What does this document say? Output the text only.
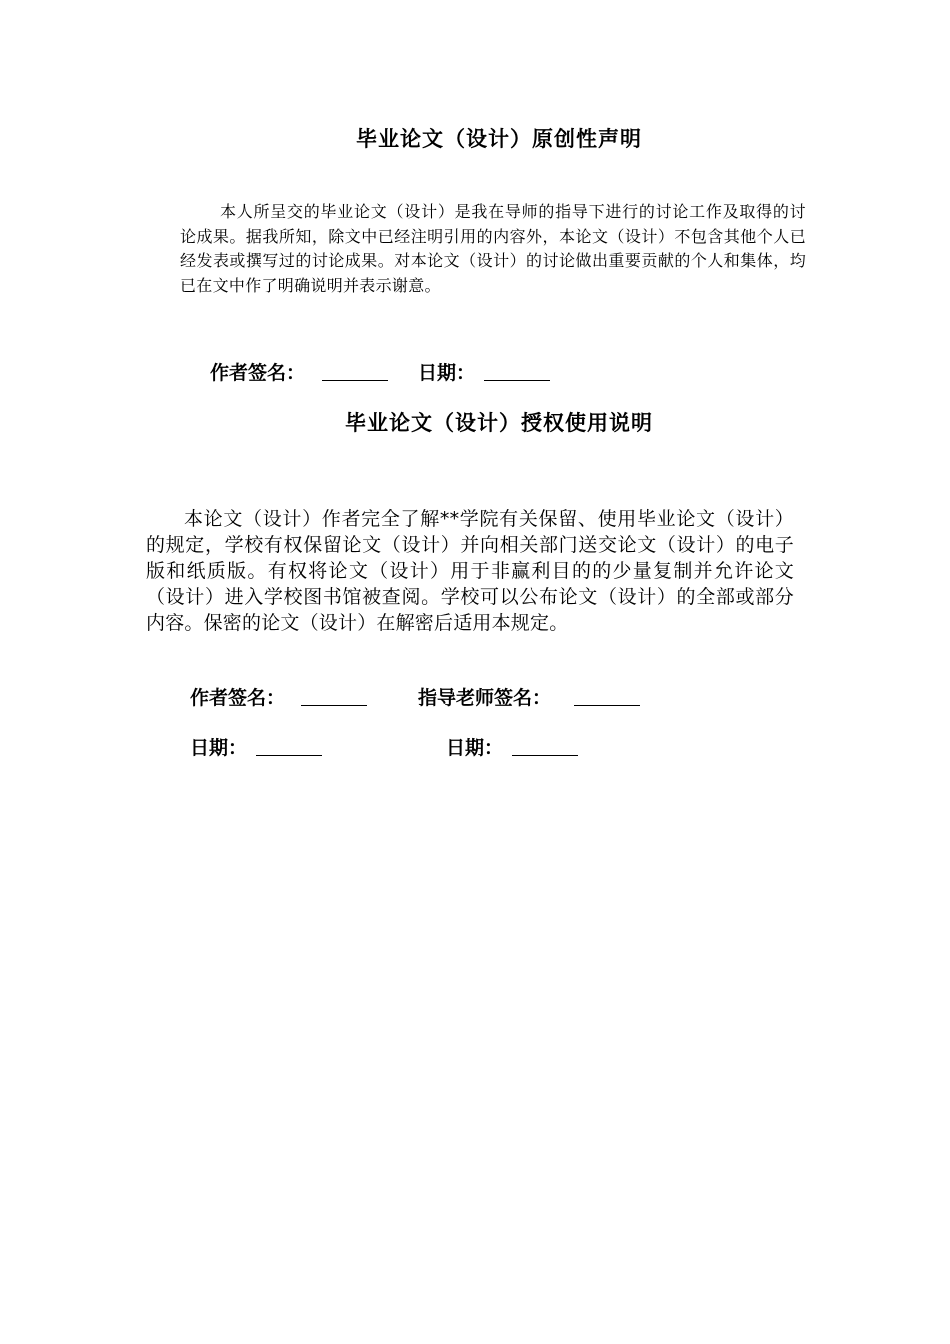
毕业论文（设计）原创性声明

本人所呈交的毕业论文（设计）是我在导师的指导下进行的讨论工作及取得的讨论成果。据我所知，除文中已经注明引用的内容外，本论文（设计）不包含其他个人已经发表或撰写过的讨论成果。对本论文（设计）的讨论做出重要贡献的个人和集体，均已在文中作了明确说明并表示谢意。

作者签名：	日期：
毕业论文（设计）授权使用说明

本论文（设计）作者完全了解**学院有关保留、使用毕业论文（设计）的规定，学校有权保留论文（设计）并向相关部门送交论文（设计）的电子版和纸质版。有权将论文（设计）用于非赢利目的的少量复制并允许论文（设计）进入学校图书馆被查阅。学校可以公布论文（设计）的全部或部分内容。保密的论文（设计）在解密后适用本规定。

作者签名：	指导老师签名：
日期：	日期：
